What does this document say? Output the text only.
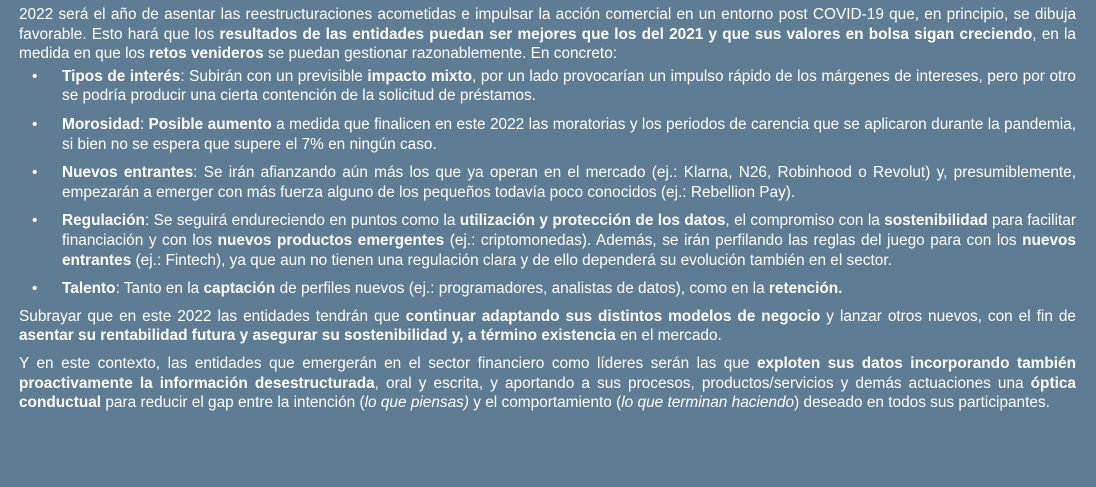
2022 será el año de asentar las reestructuraciones acometidas e impulsar la acción comercial en un entorno post COVID-19 que, en principio, se dibuja favorable. Esto hará que los resultados de las entidades puedan ser mejores que los del 2021 y que sus valores en bolsa sigan creciendo, en la medida en que los retos venideros se puedan gestionar razonablemente. En concreto:

• Tipos de interés: Subirán con un previsible impacto mixto, por un lado provocarían un impulso rápido de los márgenes de intereses, pero por otro se podría producir una cierta contención de la solicitud de préstamos.
• Morosidad: Posible aumento a medida que finalicen en este 2022 las moratorias y los periodos de carencia que se aplicaron durante la pandemia, si bien no se espera que supere el 7% en ningún caso.
• Nuevos entrantes: Se irán afianzando aún más los que ya operan en el mercado (ej.: Klarna, N26, Robinhood o Revolut) y, presumiblemente, empezarán a emerger con más fuerza alguno de los pequeños todavía poco conocidos (ej.: Rebellion Pay).
• Regulación: Se seguirá endureciendo en puntos como la utilización y protección de los datos, el compromiso con la sostenibilidad para facilitar financiación y con los nuevos productos emergentes (ej.: criptomonedas). Además, se irán perfilando las reglas del juego para con los nuevos entrantes (ej.: Fintech), ya que aun no tienen una regulación clara y de ello dependerá su evolución también en el sector.
• Talento: Tanto en la captación de perfiles nuevos (ej.: programadores, analistas de datos), como en la retención.

Subrayar que en este 2022 las entidades tendrán que continuar adaptando sus distintos modelos de negocio y lanzar otros nuevos, con el fin de asentar su rentabilidad futura y asegurar su sostenibilidad y, a término existencia en el mercado.

Y en este contexto, las entidades que emergerán en el sector financiero como líderes serán las que exploten sus datos incorporando también proactivamente la información desestructurada, oral y escrita, y aportando a sus procesos, productos/servicios y demás actuaciones una óptica conductual para reducir el gap entre la intención (lo que piensas) y el comportamiento (lo que terminan haciendo) deseado en todos sus participantes.
